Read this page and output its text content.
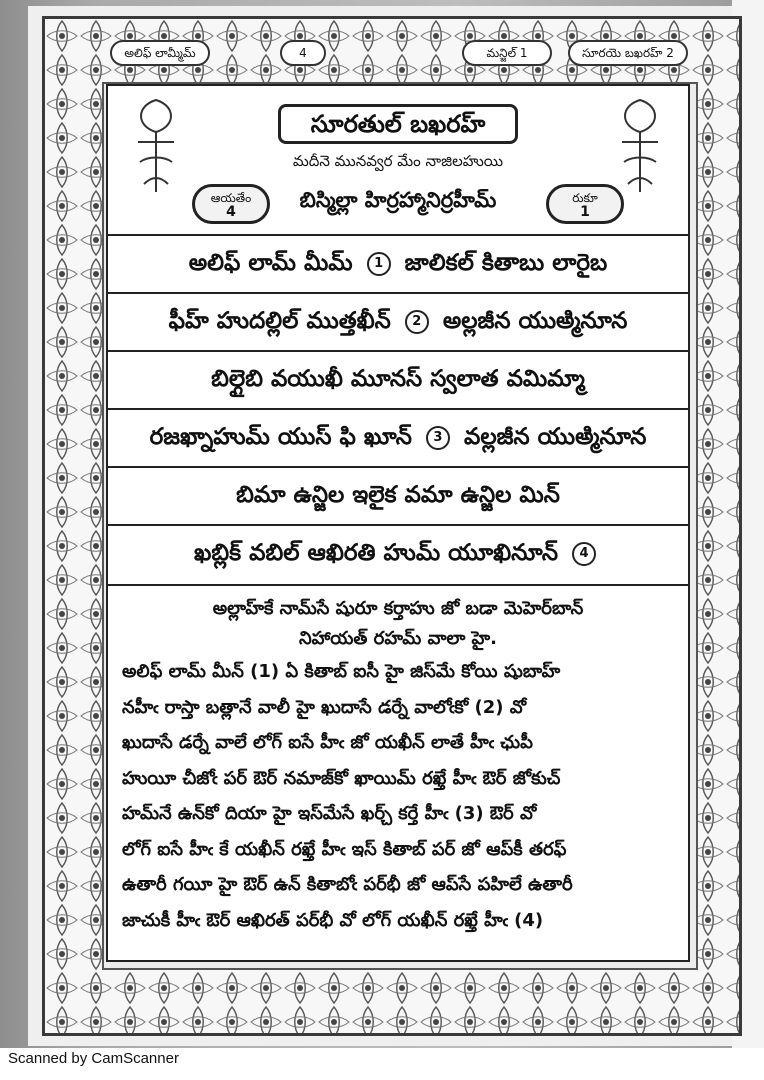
అలిఫ్ లామ్మీమ్	4	మన్జిల్ 1	సూరయె బఖరహ్ 2
సూరతుల్ బఖరహ్
మదీనె మునవ్వర మేం నాజిలహుయి
ఆయతేం
4	బిస్మిల్లా హిర్రహ్మానిర్రహీమ్	రుకూ
1
అలిఫ్ లామ్ మీమ్ 1 జాలికల్ కితాబు లారైబ
ఫీహ్ హుదల్లిల్ ముత్తఖీన్ 2 అల్లజీన యుఅ్మినూన
బిల్గైబి వయుఖీ మూనస్ స్వలాత వమిమ్మా
రజఖ్నాహుమ్ యుస్ ఫి ఖూన్ 3 వల్లజీన యుఅ్మినూన
బిమా ఉన్జిల ఇలైక వమా ఉన్జిల మిన్
ఖబ్లిక్ వబిల్ ఆఖిరతి హుమ్ యూఖినూన్ 4
అల్లాహ్‌కే నామ్‌సే షురూ కర్తాహు జో బడా మెహెర్‌బాన్
నిహాయత్ రహమ్ వాలా హై.
అలిఫ్ లామ్ మీన్ (1) ఏ కితాబ్ ఐసీ హై జిస్‌మే కోయి షుబాహ్
నహీఁ రాస్తా బత్లానే వాలీ హై ఖుదాసే డర్నే వాలోఁకో (2) వో
ఖుదాసే డర్నే వాలే లోగ్ ఐసే హీఁ జో యఖీన్ లాతే హీఁ ఛుపీ
హుయీ చీజోఁ పర్ ఔర్ నమాజ్‌కో ఖాయిమ్ రఖ్తే హీఁ ఔర్ జోకుచ్
హమ్‌నే ఉన్‌కో దియా హై ఇస్‌మేసే ఖర్చ్ కర్తే హీఁ (3) ఔర్ వో
లోగ్ ఐసే హీఁ కే యఖీన్ రఖ్తే హీఁ ఇస్ కితాబ్ పర్ జో ఆప్‌కీ తరఫ్
ఉతారీ గయీ హై ఔర్ ఉన్ కితాబోఁ పర్‌భీ జో ఆప్‌సే పహిలే ఉతారీ
జాచుకీ హీఁ ఔర్ ఆఖిరత్ పర్‌భీ వో లోగ్ యఖీన్ రఖ్తే హీఁ (4)
Scanned by CamScanner
